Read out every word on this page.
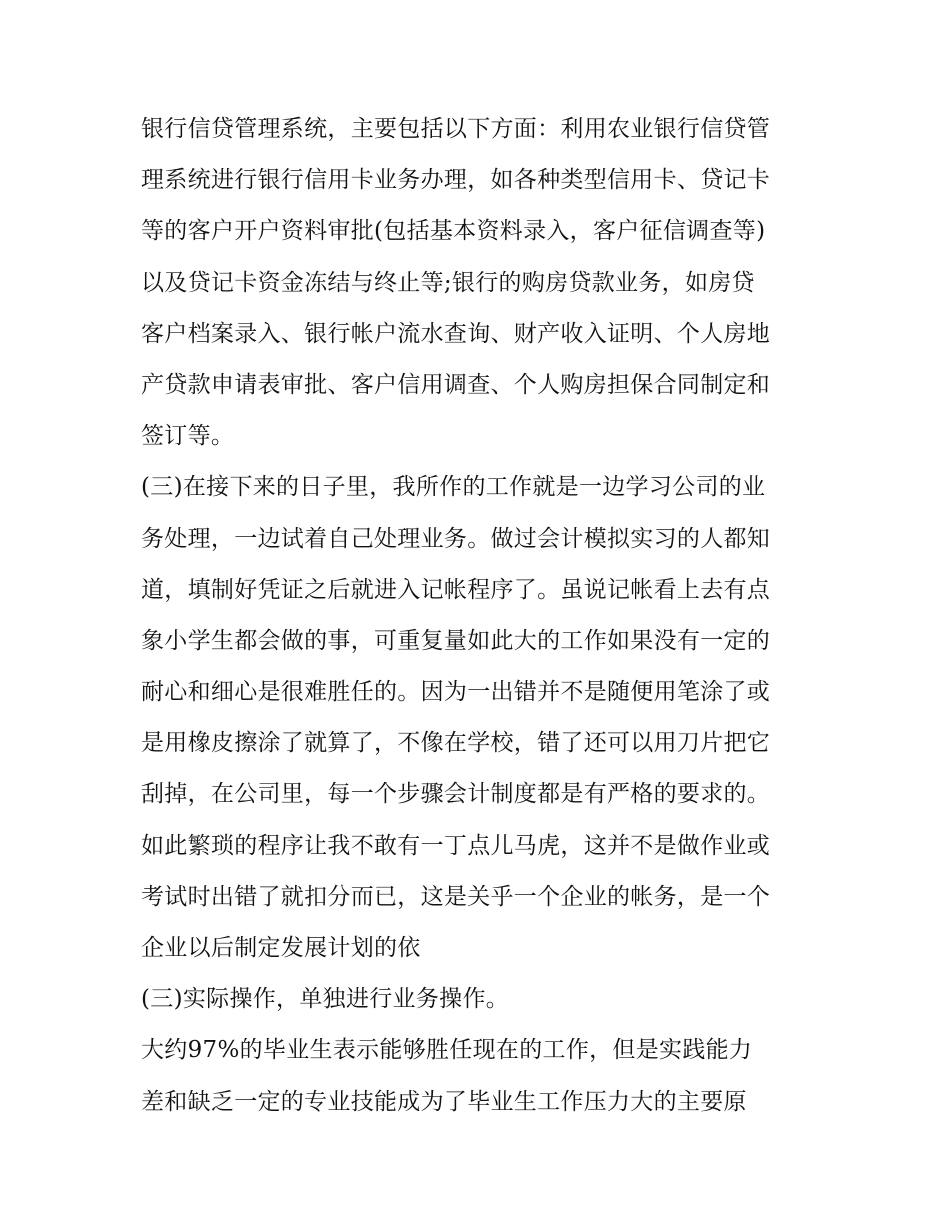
银行信贷管理系统，主要包括以下方面：利用农业银行信贷管
理系统进行银行信用卡业务办理，如各种类型信用卡、贷记卡
等的客户开户资料审批(包括基本资料录入，客户征信调查等)
以及贷记卡资金冻结与终止等;银行的购房贷款业务，如房贷
客户档案录入、银行帐户流水查询、财产收入证明、个人房地
产贷款申请表审批、客户信用调查、个人购房担保合同制定和
签订等。
(三)在接下来的日子里，我所作的工作就是一边学习公司的业
务处理，一边试着自己处理业务。做过会计模拟实习的人都知
道，填制好凭证之后就进入记帐程序了。虽说记帐看上去有点
象小学生都会做的事，可重复量如此大的工作如果没有一定的
耐心和细心是很难胜任的。因为一出错并不是随便用笔涂了或
是用橡皮擦涂了就算了，不像在学校，错了还可以用刀片把它
刮掉，在公司里，每一个步骤会计制度都是有严格的要求的。
如此繁琐的程序让我不敢有一丁点儿马虎，这并不是做作业或
考试时出错了就扣分而已，这是关乎一个企业的帐务，是一个
企业以后制定发展计划的依
(三)实际操作，单独进行业务操作。
大约97%的毕业生表示能够胜任现在的工作，但是实践能力
差和缺乏一定的专业技能成为了毕业生工作压力大的主要原
